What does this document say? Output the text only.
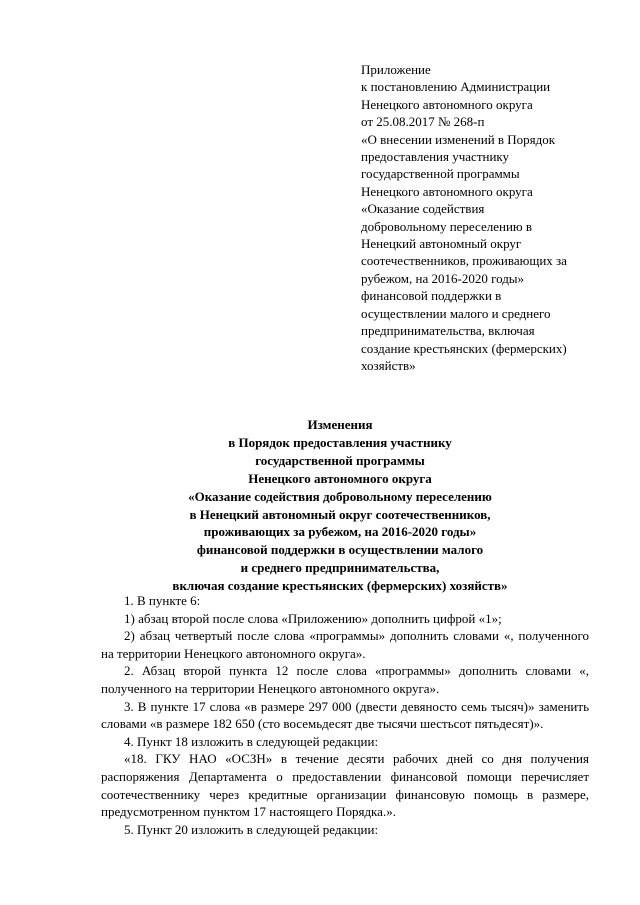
Приложение
к постановлению Администрации
Ненецкого автономного округа
от 25.08.2017 № 268-п
«О внесении изменений в Порядок
предоставления участнику
государственной программы
Ненецкого автономного округа
«Оказание содействия
добровольному переселению в
Ненецкий автономный округ
соотечественников, проживающих за
рубежом, на 2016-2020 годы»
финансовой поддержки в
осуществлении малого и среднего
предпринимательства, включая
создание крестьянских (фермерских)
хозяйств»
Изменения
в Порядок предоставления участнику
государственной программы
Ненецкого автономного округа
«Оказание содействия добровольному переселению
в Ненецкий автономный округ соотечественников,
проживающих за рубежом, на 2016-2020 годы»
финансовой поддержки в осуществлении малого
и среднего предпринимательства,
включая создание крестьянских (фермерских) хозяйств»

1. В пункте 6:

1) абзац второй после слова «Приложению» дополнить цифрой «1»;

2) абзац четвертый после слова «программы» дополнить словами «, полученного на территории Ненецкого автономного округа».

2. Абзац второй пункта 12 после слова «программы» дополнить словами «, полученного на территории Ненецкого автономного округа».

3. В пункте 17 слова «в размере 297 000 (двести девяносто семь тысяч)» заменить словами «в размере 182 650 (сто восемьдесят две тысячи шестьсот пятьдесят)».

4. Пункт 18 изложить в следующей редакции:

«18. ГКУ НАО «ОСЗН» в течение десяти рабочих дней со дня получения распоряжения Департамента о предоставлении финансовой помощи перечисляет соотечественнику через кредитные организации финансовую помощь в размере, предусмотренном пунктом 17 настоящего Порядка.».

5. Пункт 20 изложить в следующей редакции:
